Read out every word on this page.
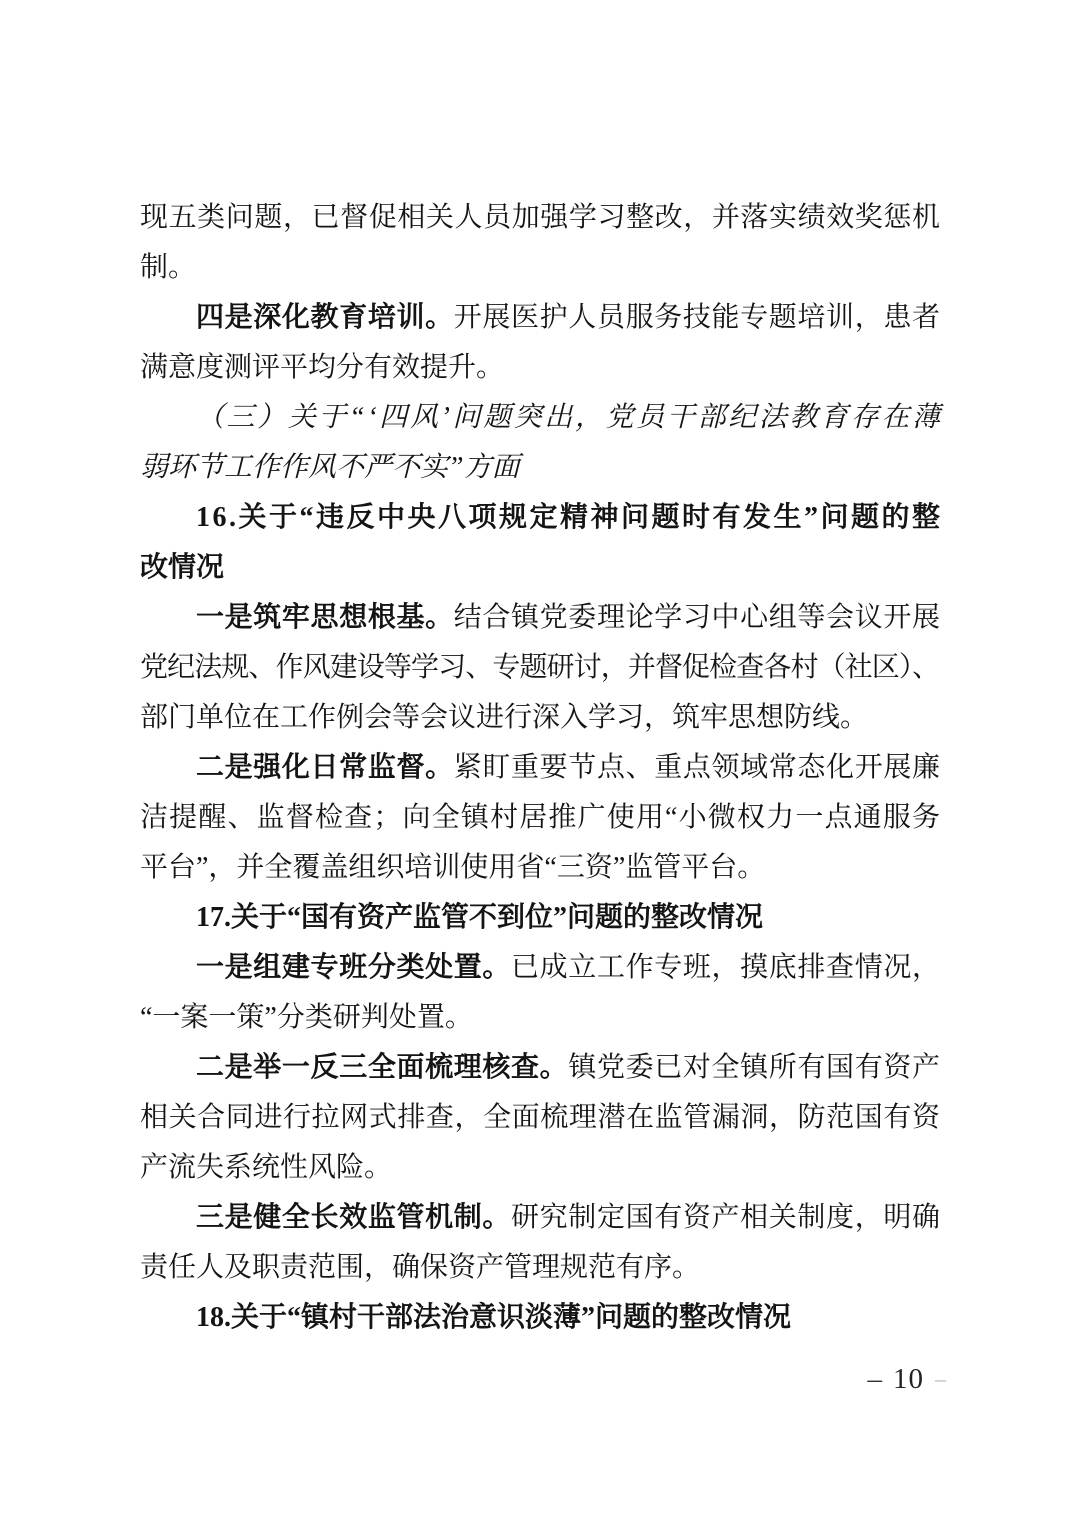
现五类问题，已督促相关人员加强学习整改，并落实绩效奖惩机
制。
四是深化教育培训。开展医护人员服务技能专题培训，患者
满意度测评平均分有效提升。
（三）关于“‘四风’问题突出，党员干部纪法教育存在薄
弱环节工作作风不严不实”方面
16.关于“违反中央八项规定精神问题时有发生”问题的整
改情况
一是筑牢思想根基。结合镇党委理论学习中心组等会议开展
党纪法规、作风建设等学习、专题研讨，并督促检查各村（社区）、
部门单位在工作例会等会议进行深入学习，筑牢思想防线。
二是强化日常监督。紧盯重要节点、重点领域常态化开展廉
洁提醒、监督检查；向全镇村居推广使用“小微权力一点通服务
平台”，并全覆盖组织培训使用省“三资”监管平台。
17.关于“国有资产监管不到位”问题的整改情况
一是组建专班分类处置。已成立工作专班，摸底排查情况，
“一案一策”分类研判处置。
二是举一反三全面梳理核查。镇党委已对全镇所有国有资产
相关合同进行拉网式排查，全面梳理潜在监管漏洞，防范国有资
产流失系统性风险。
三是健全长效监管机制。研究制定国有资产相关制度，明确
责任人及职责范围，确保资产管理规范有序。
18.关于“镇村干部法治意识淡薄”问题的整改情况
– 10 –
